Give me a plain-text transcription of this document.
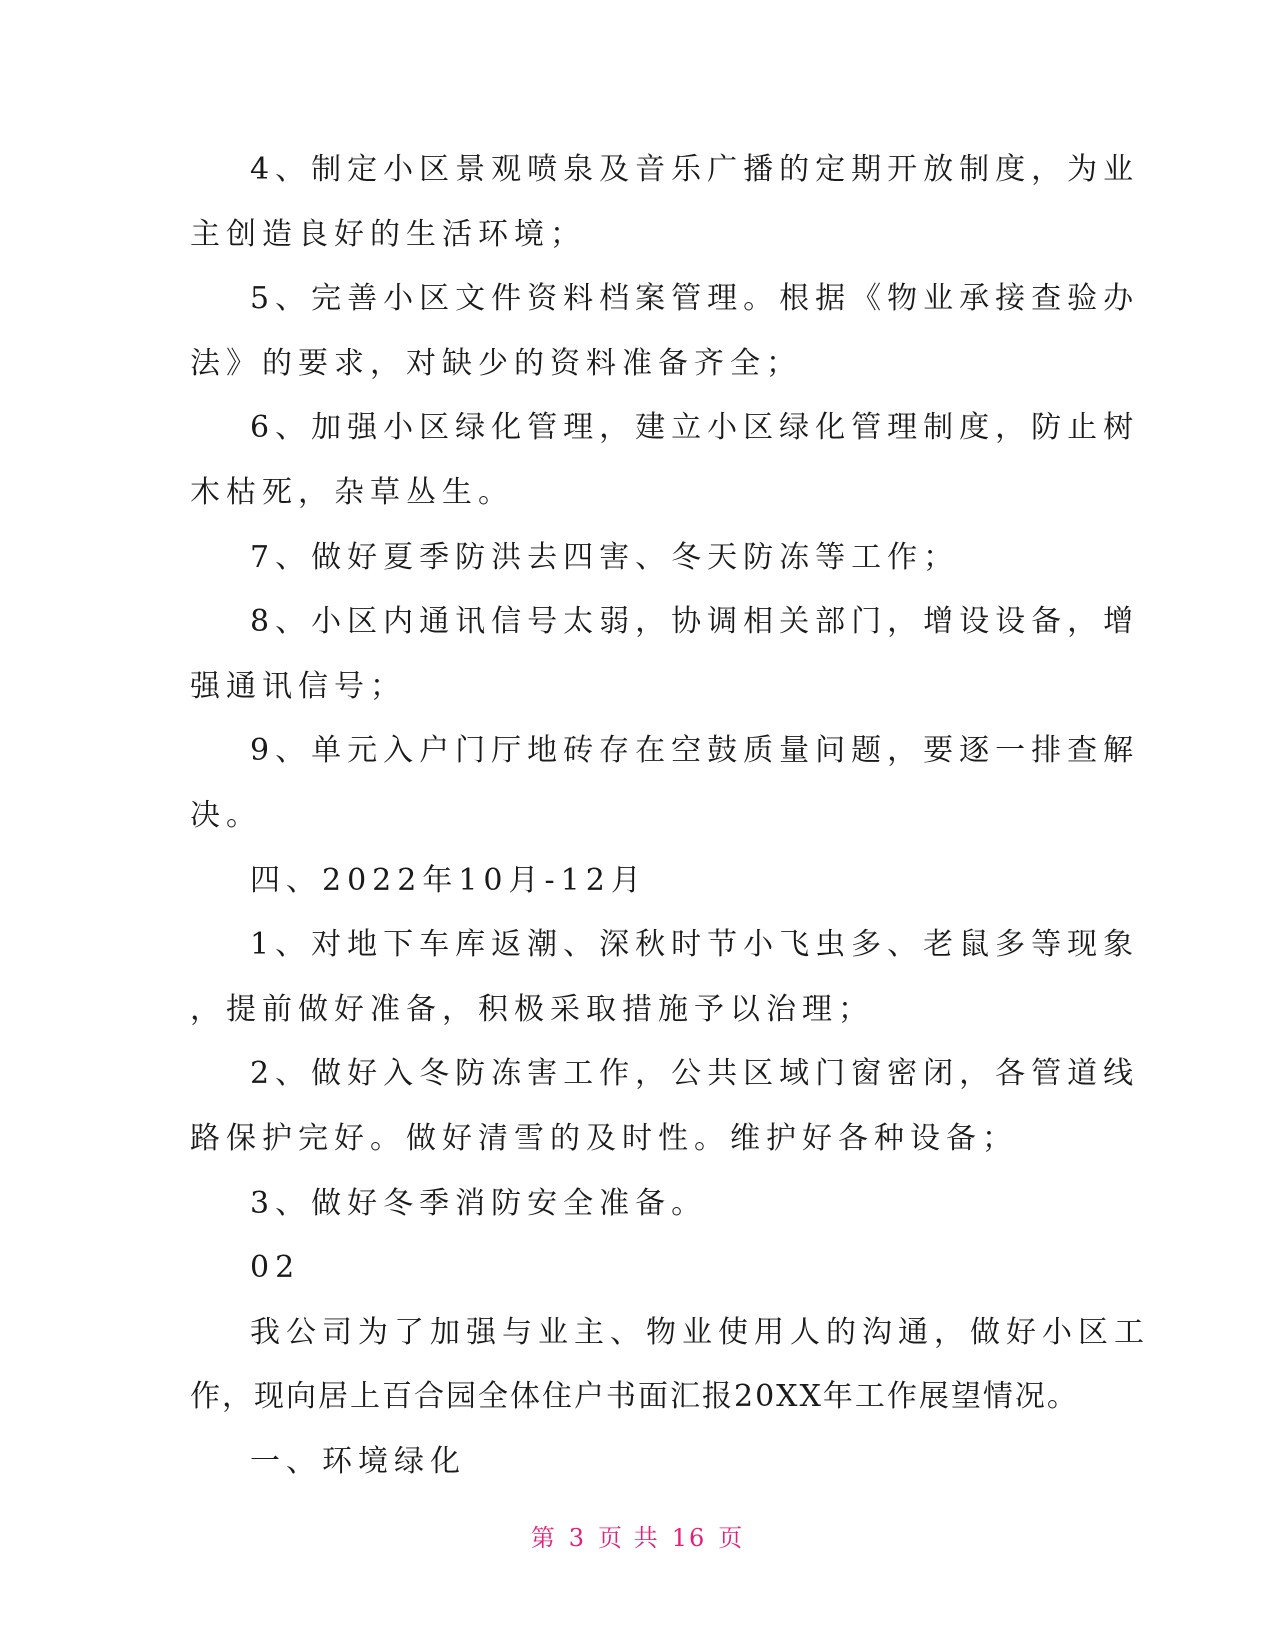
4、制定小区景观喷泉及音乐广播的定期开放制度，为业
主创造良好的生活环境；
5、完善小区文件资料档案管理。根据《物业承接查验办
法》的要求，对缺少的资料准备齐全；
6、加强小区绿化管理，建立小区绿化管理制度，防止树
木枯死，杂草丛生。
7、做好夏季防洪去四害、冬天防冻等工作；
8、小区内通讯信号太弱，协调相关部门，增设设备，增
强通讯信号；
9、单元入户门厅地砖存在空鼓质量问题，要逐一排查解
决。
四、2022年10月-12月
1、对地下车库返潮、深秋时节小飞虫多、老鼠多等现象
，提前做好准备，积极采取措施予以治理；
2、做好入冬防冻害工作，公共区域门窗密闭，各管道线
路保护完好。做好清雪的及时性。维护好各种设备；
3、做好冬季消防安全准备。
02
我公司为了加强与业主、物业使用人的沟通，做好小区工
作，现向居上百合园全体住户书面汇报20XX年工作展望情况。
一、环境绿化
第 3 页 共 16 页
